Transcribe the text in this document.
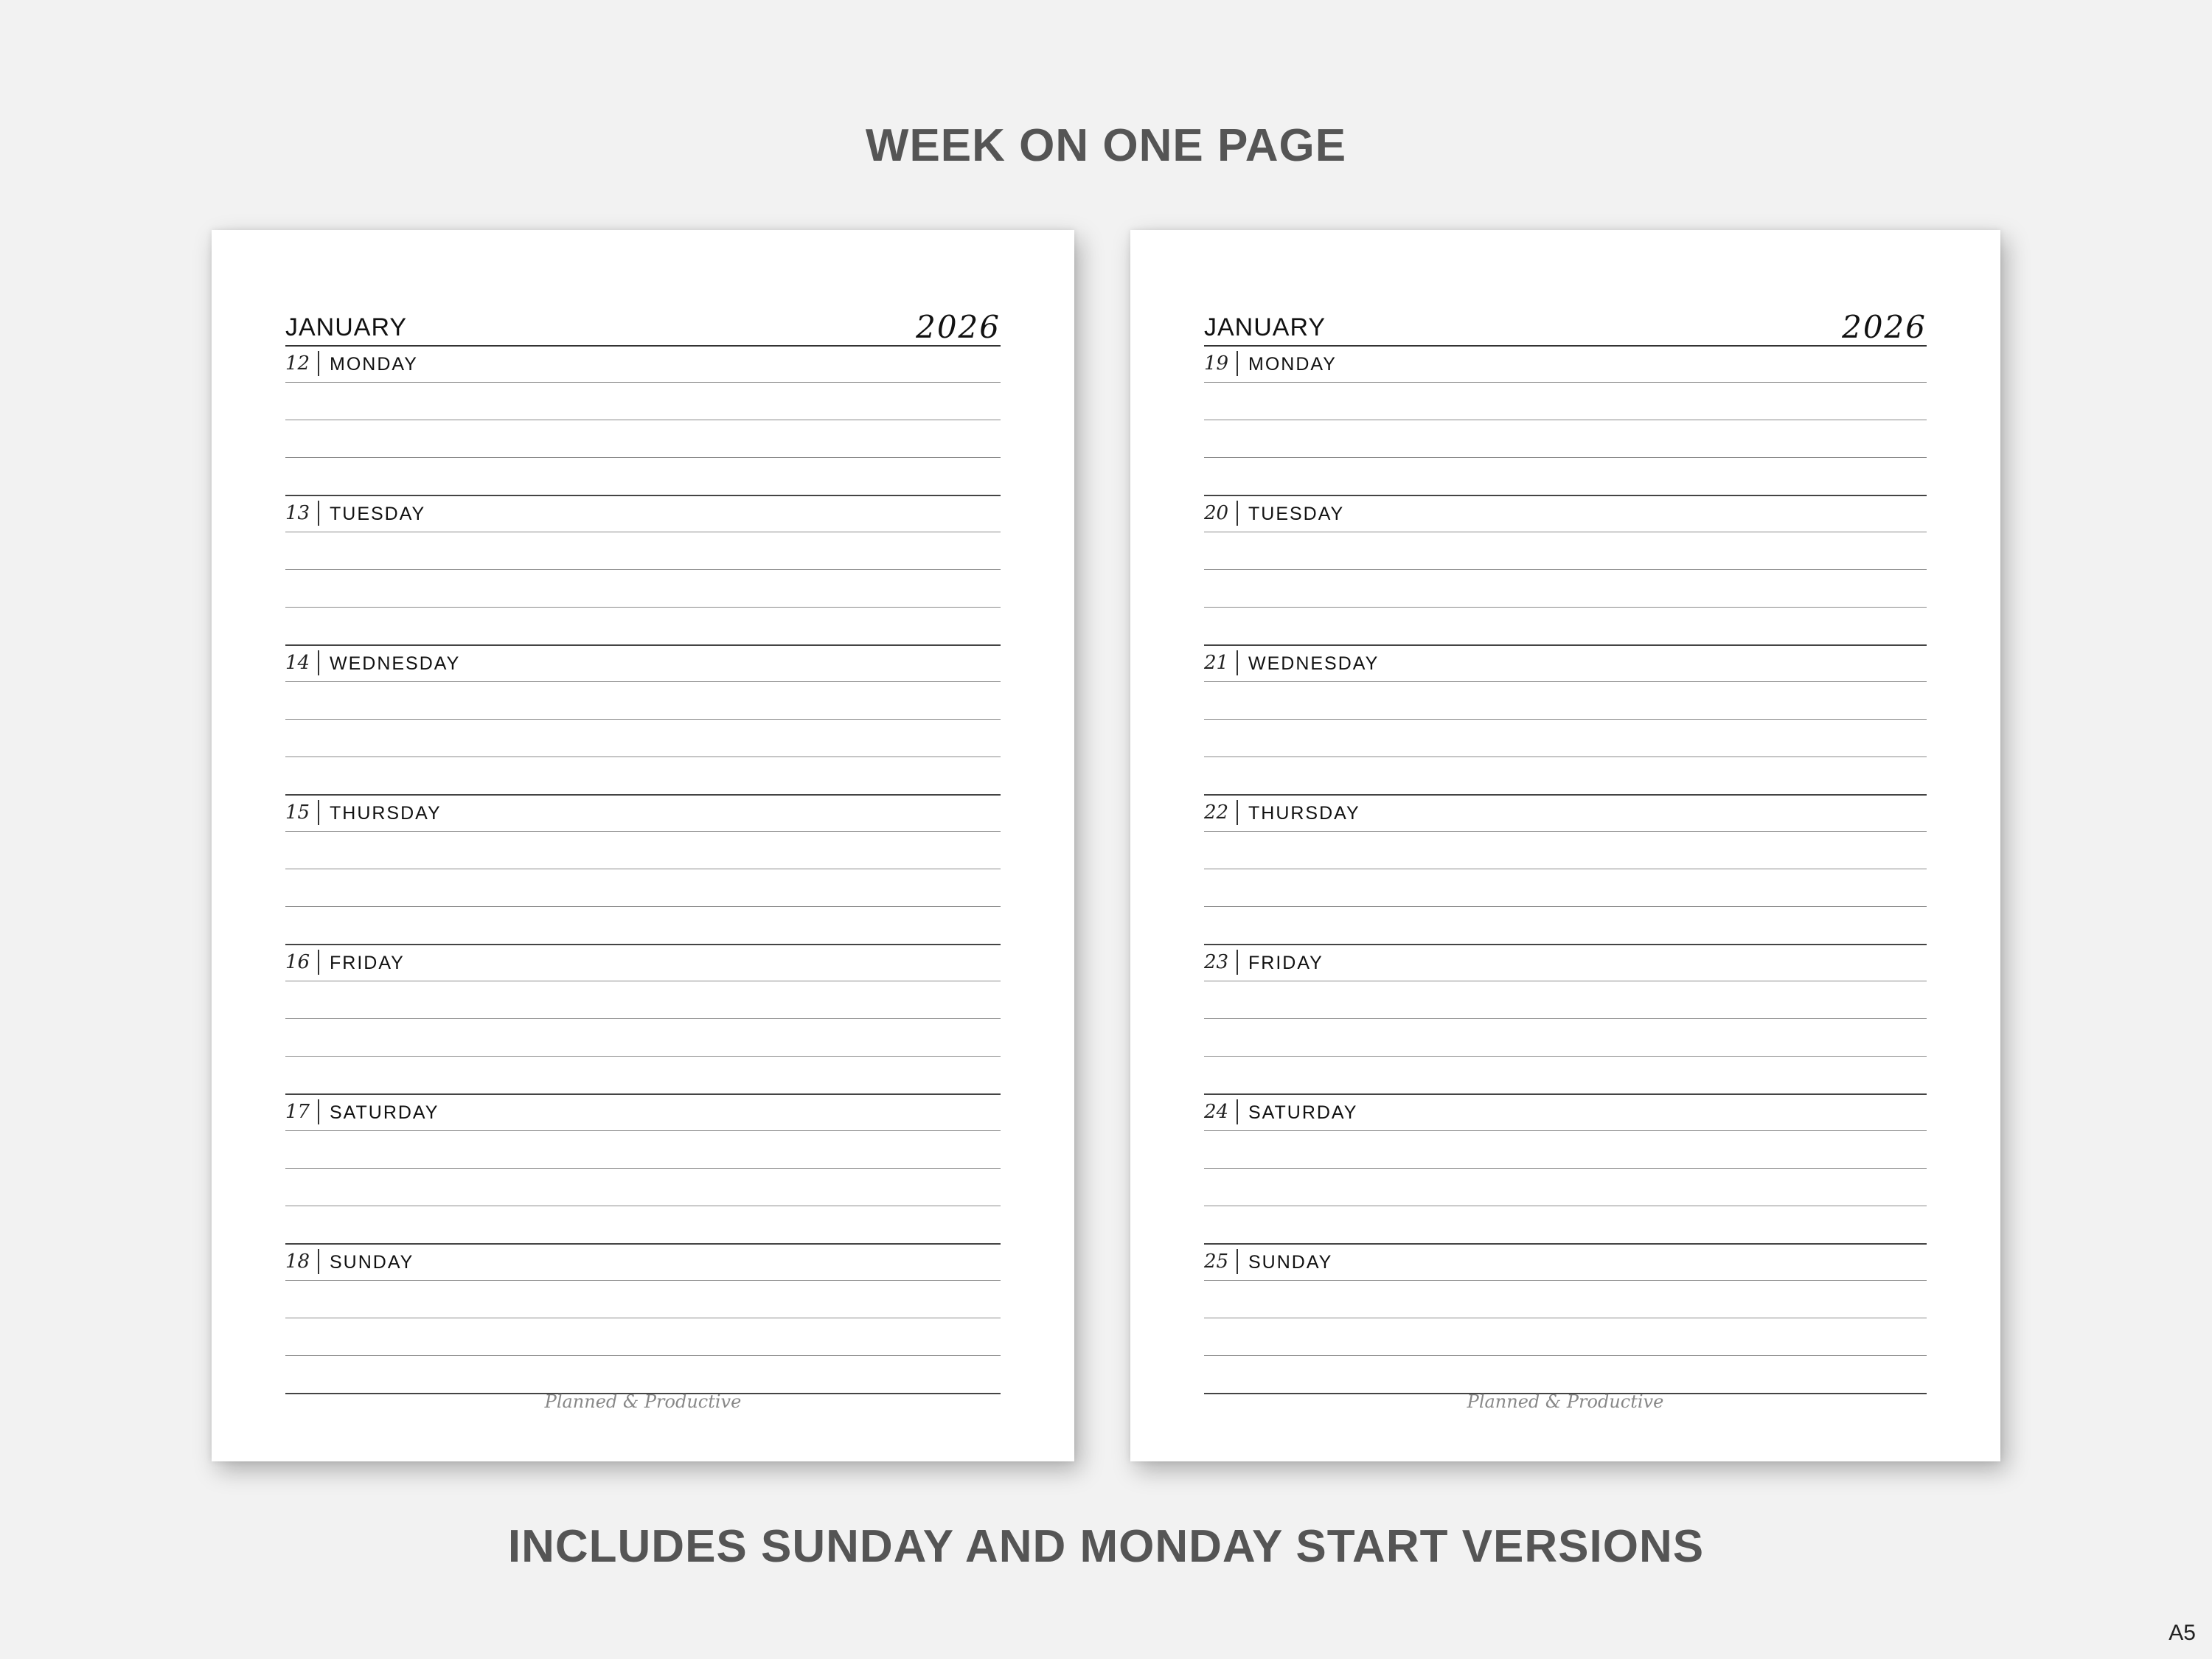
WEEK ON ONE PAGE
JANUARY	2026
12 MONDAY
13 TUESDAY
14 WEDNESDAY
15 THURSDAY
16 FRIDAY
17 SATURDAY
18 SUNDAY
Planned & Productive
JANUARY	2026
19 MONDAY
20 TUESDAY
21 WEDNESDAY
22 THURSDAY
23 FRIDAY
24 SATURDAY
25 SUNDAY
Planned & Productive
INCLUDES SUNDAY AND MONDAY START VERSIONS
A5
